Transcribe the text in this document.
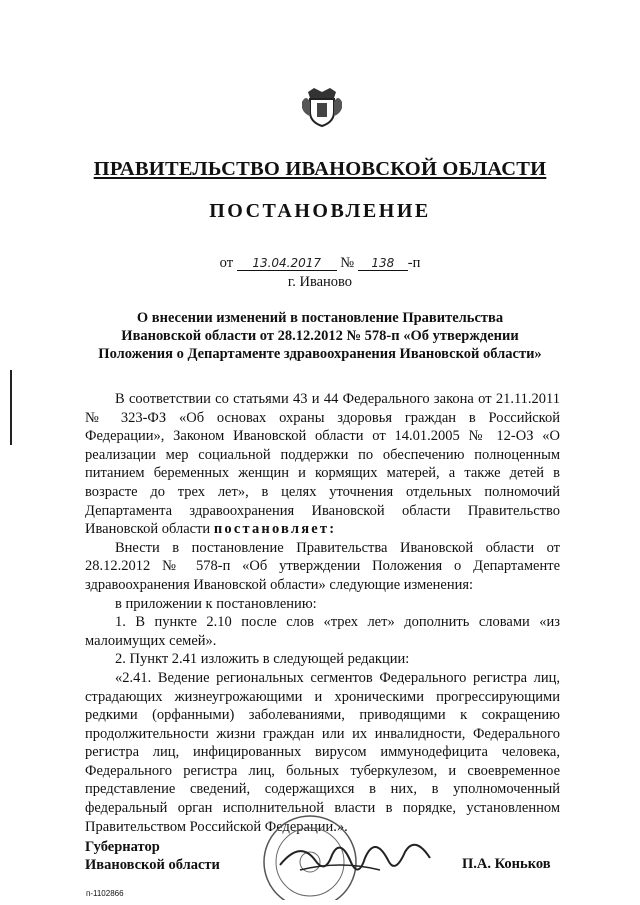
ПРАВИТЕЛЬСТВО ИВАНОВСКОЙ ОБЛАСТИ
ПОСТАНОВЛЕНИЕ
от 13.04.2017 № 138 -п
г. Иваново
О внесении изменений в постановление Правительства
Ивановской области от 28.12.2012 № 578-п «Об утверждении
Положения о Департаменте здравоохранения Ивановской области»

В соответствии со статьями 43 и 44 Федерального закона от 21.11.2011 № 323-ФЗ «Об основах охраны здоровья граждан в Российской Федерации», Законом Ивановской области от 14.01.2005 № 12-ОЗ «О реализации мер социальной поддержки по обеспечению полноценным питанием беременных женщин и кормящих матерей, а также детей в возрасте до трех лет», в целях уточнения отдельных полномочий Департамента здравоохранения Ивановской области Правительство Ивановской области постановляет:

Внести в постановление Правительства Ивановской области от 28.12.2012 № 578-п «Об утверждении Положения о Департаменте здравоохранения Ивановской области» следующие изменения:

в приложении к постановлению:

1. В пункте 2.10 после слов «трех лет» дополнить словами «из малоимущих семей».

2. Пункт 2.41 изложить в следующей редакции:

«2.41. Ведение региональных сегментов Федерального регистра лиц, страдающих жизнеугрожающими и хроническими прогрессирующими редкими (орфанными) заболеваниями, приводящими к сокращению продолжительности жизни граждан или их инвалидности, Федерального регистра лиц, инфицированных вирусом иммунодефицита человека, Федерального регистра лиц, больных туберкулезом, и своевременное представление сведений, содержащихся в них, в уполномоченный федеральный орган исполнительной власти в порядке, установленном Правительством Российской Федерации.».

Губернатор
Ивановской области	П.А. Коньков
п-1102866
